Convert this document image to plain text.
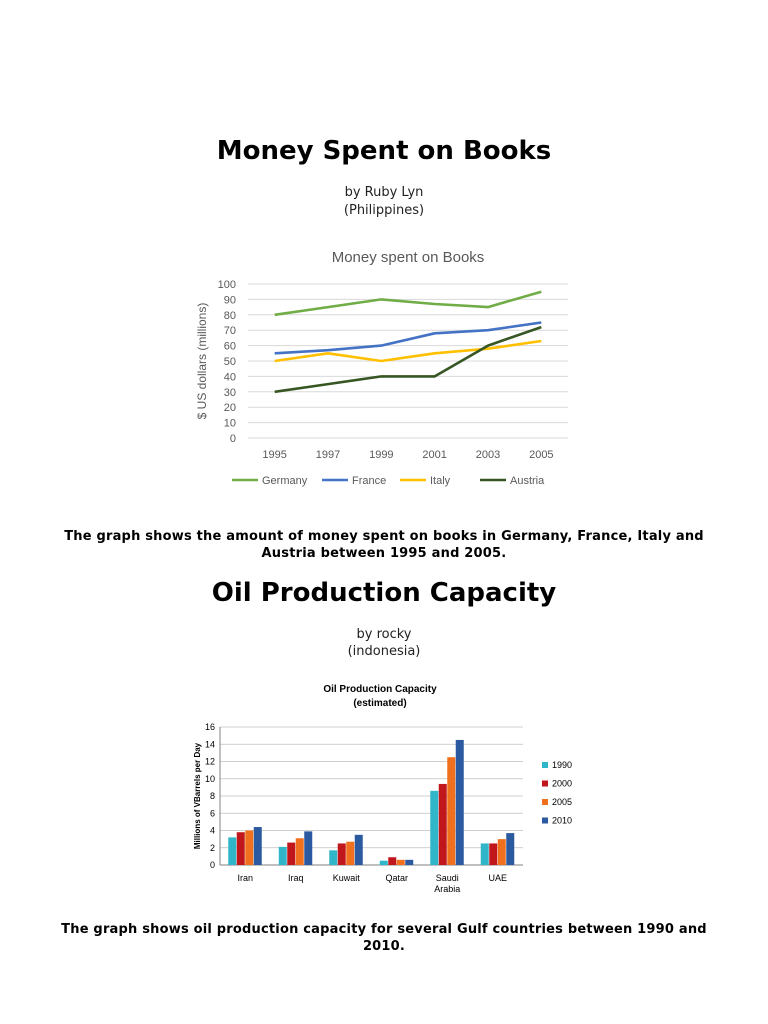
Money Spent on Books
by Ruby Lyn
(Philippines)
Money spent on Books
0
10
20
30
40
50
60
70
80
90
100
1995	1997	1999	2001	2003	2005
$ US dollars (millions)
Germany	France	Italy	Austria
The graph shows the amount of money spent on books in Germany, France, Italy and Austria between 1995 and 2005.
Oil Production Capacity
by rocky
(indonesia)
Oil Production Capacity
(estimated)
0
2
4
6
8
10
12
14
16
Millions of VBarrels per Day
Iran	Iraq	Kuwait	Qatar	Saudi
Arabia
UAE
1990
2000
2005
2010
The graph shows oil production capacity for several Gulf countries between 1990 and 2010.
